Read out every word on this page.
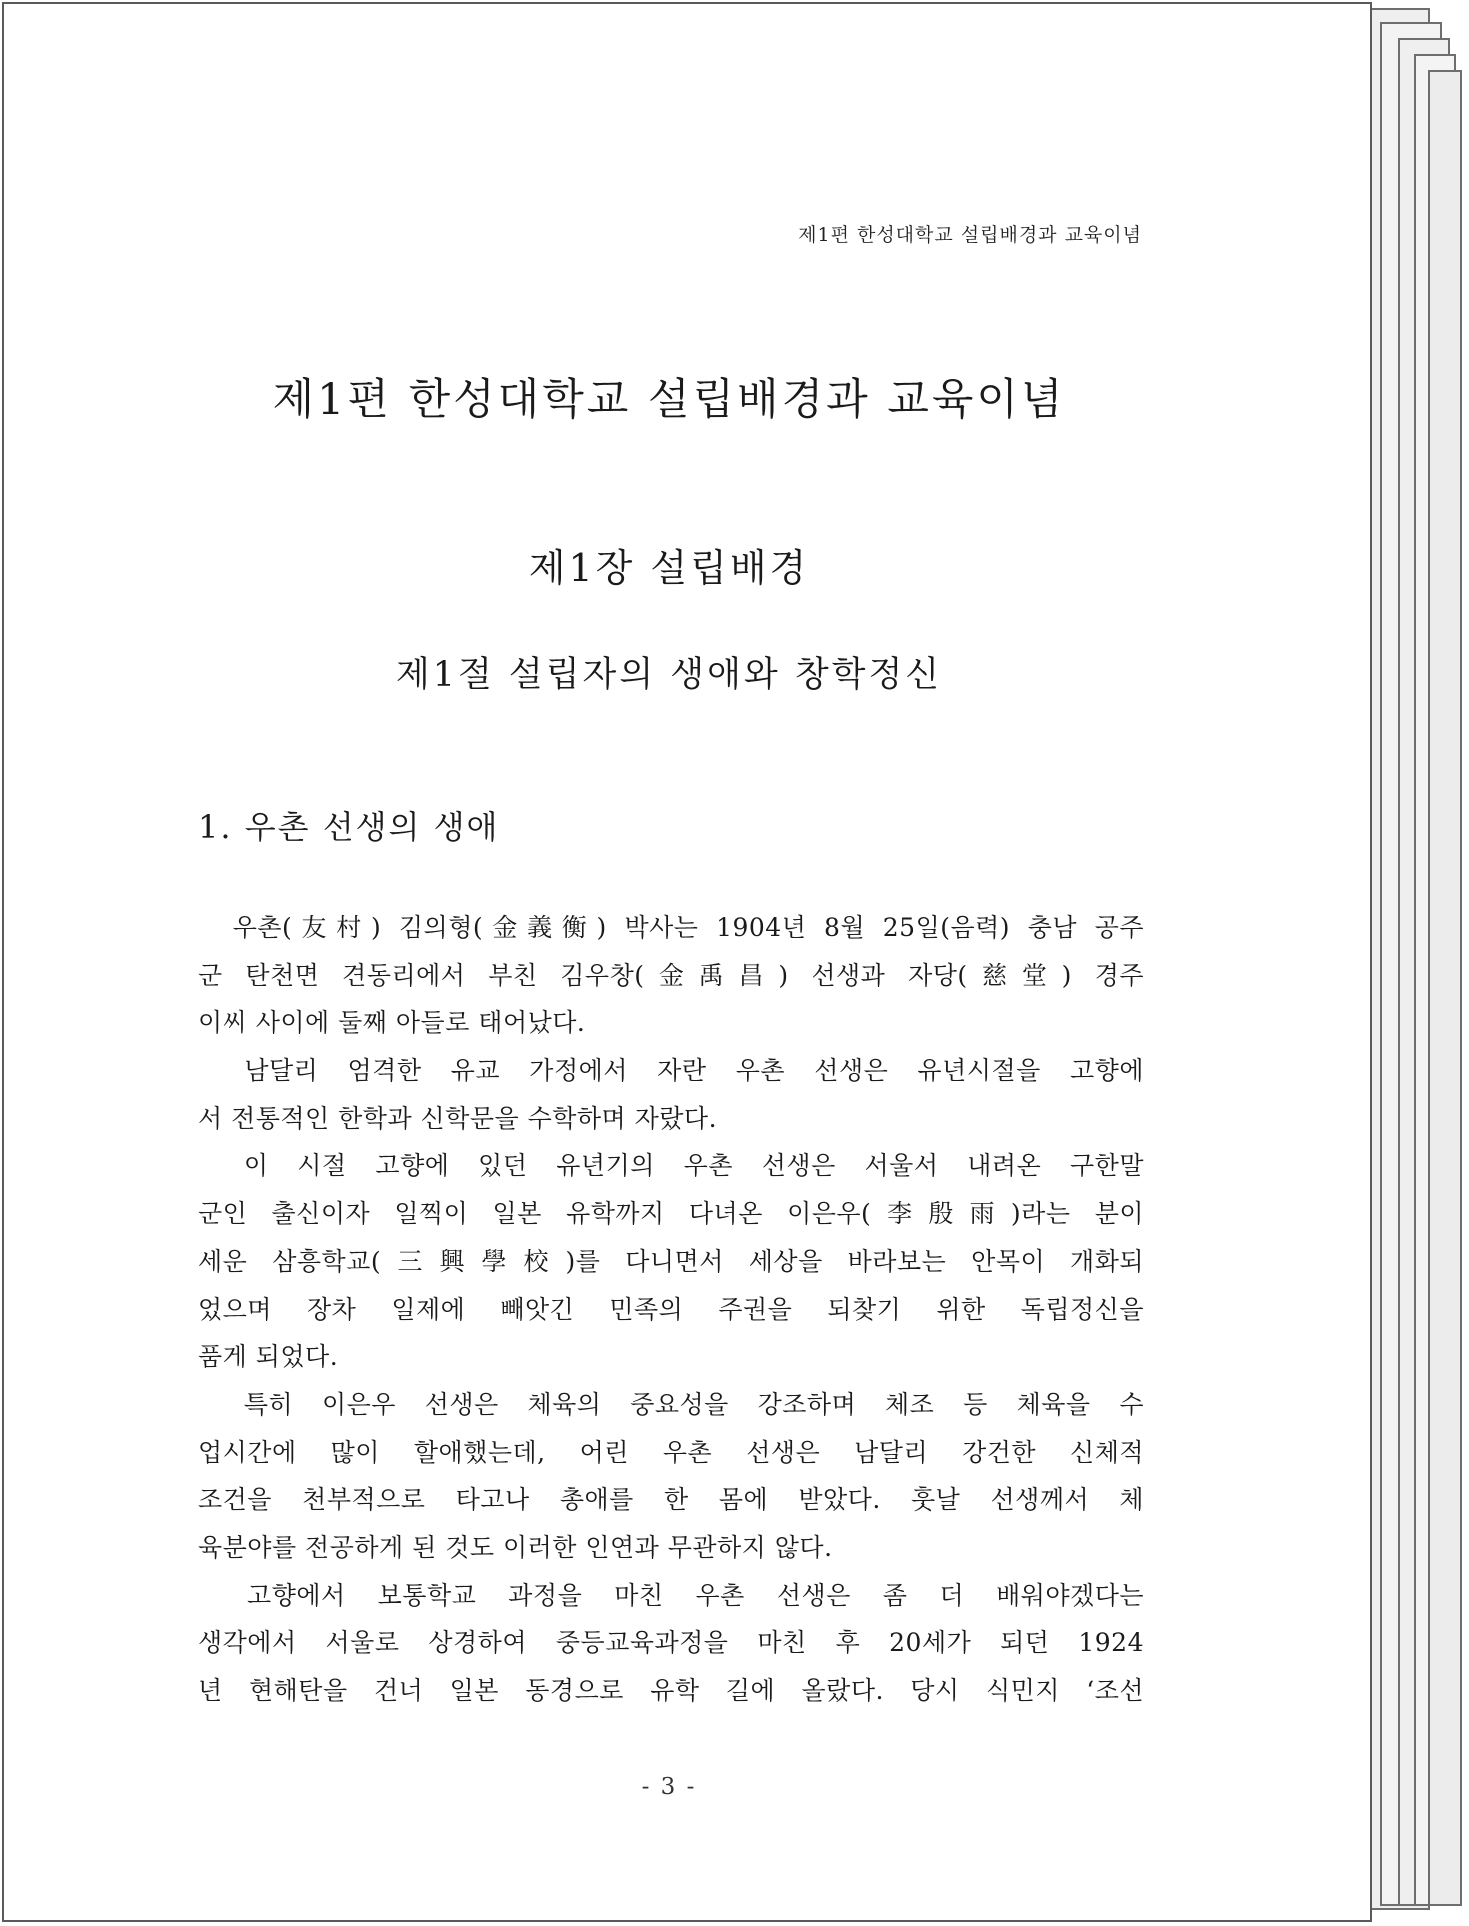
제1편 한성대학교 설립배경과 교육이념
제1편 한성대학교 설립배경과 교육이념
제1장 설립배경
제1절 설립자의 생애와 창학정신
1. 우촌 선생의 생애
　우촌(友村) 김의형(金義衡) 박사는 1904년 8월 25일(음력) 충남 공주
군 탄천면 견동리에서 부친 김우창(金禹昌) 선생과 자당(慈堂) 경주
이씨 사이에 둘째 아들로 태어났다.
　남달리 엄격한 유교 가정에서 자란 우촌 선생은 유년시절을 고향에
서 전통적인 한학과 신학문을 수학하며 자랐다.
　이 시절 고향에 있던 유년기의 우촌 선생은 서울서 내려온 구한말
군인 출신이자 일찍이 일본 유학까지 다녀온 이은우(李殷雨)라는 분이
세운 삼흥학교(三興學校)를 다니면서 세상을 바라보는 안목이 개화되
었으며 장차 일제에 빼앗긴 민족의 주권을 되찾기 위한 독립정신을
품게 되었다.
　특히 이은우 선생은 체육의 중요성을 강조하며 체조 등 체육을 수
업시간에 많이 할애했는데, 어린 우촌 선생은 남달리 강건한 신체적
조건을 천부적으로 타고나 총애를 한 몸에 받았다. 훗날 선생께서 체
육분야를 전공하게 된 것도 이러한 인연과 무관하지 않다.
　고향에서 보통학교 과정을 마친 우촌 선생은 좀 더 배워야겠다는
생각에서 서울로 상경하여 중등교육과정을 마친 후 20세가 되던 1924
년 현해탄을 건너 일본 동경으로 유학 길에 올랐다. 당시 식민지 ‘조선
- 3 -
